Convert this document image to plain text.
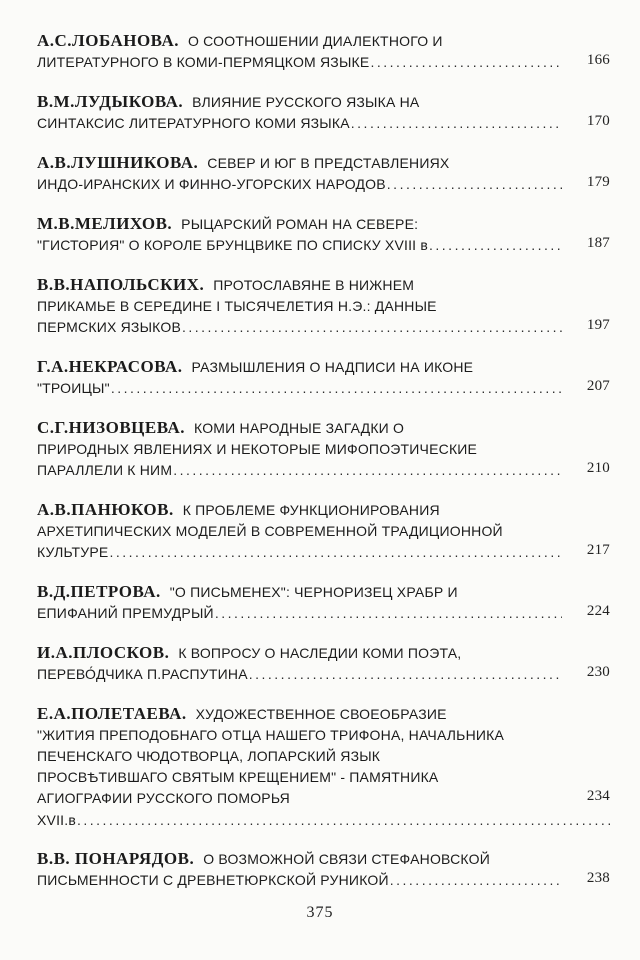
А.С.ЛОБАНОВА. О СООТНОШЕНИИ ДИАЛЕКТНОГО И
ЛИТЕРАТУРНОГО В КОМИ-ПЕРМЯЦКОМ ЯЗЫКЕ .....	166
В.М.ЛУДЫКОВА. ВЛИЯНИЕ РУССКОГО ЯЗЫКА НА
СИНТАКСИС ЛИТЕРАТУРНОГО КОМИ ЯЗЫКА .....	170
А.В.ЛУШНИКОВА. СЕВЕР И ЮГ В ПРЕДСТАВЛЕНИЯХ
ИНДО-ИРАНСКИХ И ФИННО-УГОРСКИХ НАРОДОВ .....	179
М.В.МЕЛИХОВ. РЫЦАРСКИЙ РОМАН НА СЕВЕРЕ:
"ГИСТОРИЯ" О КОРОЛЕ БРУНЦВИКЕ ПО СПИСКУ XVIII в .....	187
В.В.НАПОЛЬСКИХ. ПРОТОСЛАВЯНЕ В НИЖНЕМ
ПРИКАМЬЕ В СЕРЕДИНЕ I ТЫСЯЧЕЛЕТИЯ Н.Э.: ДАННЫЕ
ПЕРМСКИХ ЯЗЫКОВ .....	197
Г.А.НЕКРАСОВА. РАЗМЫШЛЕНИЯ О НАДПИСИ НА ИКОНЕ
"ТРОИЦЫ" .....	207
С.Г.НИЗОВЦЕВА. КОМИ НАРОДНЫЕ ЗАГАДКИ О
ПРИРОДНЫХ ЯВЛЕНИЯХ И НЕКОТОРЫЕ МИФОПОЭТИЧЕСКИЕ
ПАРАЛЛЕЛИ К НИМ .....	210
А.В.ПАНЮКОВ. К ПРОБЛЕМЕ ФУНКЦИОНИРОВАНИЯ
АРХЕТИПИЧЕСКИХ МОДЕЛЕЙ В СОВРЕМЕННОЙ ТРАДИЦИОННОЙ
КУЛЬТУРЕ .....	217
В.Д.ПЕТРОВА. "О ПИСЬМЕНЕХ": ЧЕРНОРИЗЕЦ ХРАБР И
ЕПИФАНИЙ ПРЕМУДРЫЙ .....	224
И.А.ПЛОСКОВ. К ВОПРОСУ О НАСЛЕДИИ КОМИ ПОЭТА,
ПЕРЕВО́ДЧИКА П.РАСПУТИНА .....	230
Е.А.ПОЛЕТАЕВА. ХУДОЖЕСТВЕННОЕ СВОЕОБРАЗИЕ
"ЖИТИЯ ПРЕПОДОБНАГО ОТЦА НАШЕГО ТРИФОНА, НАЧАЛЬНИКА
ПЕЧЕНСКАГО ЧЮДОТВОРЦА, ЛОПАРСКИЙ ЯЗЫК
ПРОСВѢТИВШАГО СВЯТЫМ КРЕЩЕНИЕМ" - ПАМЯТНИКА
АГИОГРАФИИ РУССКОГО ПОМОРЬЯ	234
XVII.в
.....
В.В. ПОНАРЯДОВ. О ВОЗМОЖНОЙ СВЯЗИ СТЕФАНОВСКОЙ
ПИСЬМЕННОСТИ С ДРЕВНЕТЮРКСКОЙ РУНИКОЙ .....	238
375
